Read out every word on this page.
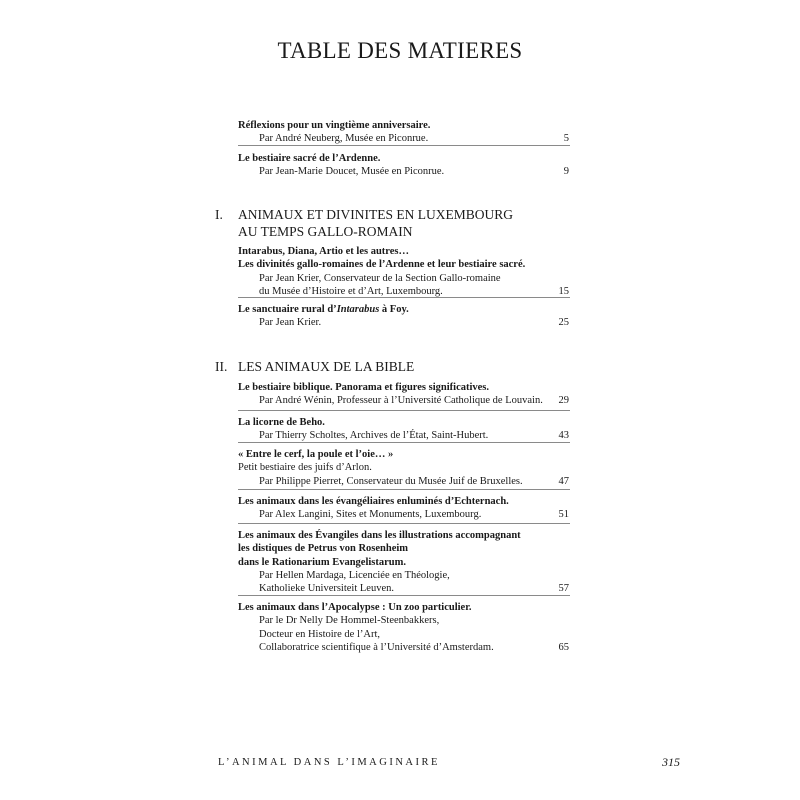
TABLE DES MATIERES
Réflexions pour un vingtième anniversaire.
Par André Neuberg, Musée en Piconrue.	5
Le bestiaire sacré de l’Ardenne.
Par Jean-Marie Doucet, Musée en Piconrue.	9
I. ANIMAUX ET DIVINITES EN LUXEMBOURG
AU TEMPS GALLO-ROMAIN
Intarabus, Diana, Artio et les autres…
Les divinités gallo-romaines de l’Ardenne et leur bestiaire sacré.
Par Jean Krier, Conservateur de la Section Gallo-romaine
du Musée d’Histoire et d’Art, Luxembourg.	15
Le sanctuaire rural d’Intarabus à Foy.
Par Jean Krier.	25
II. LES ANIMAUX DE LA BIBLE
Le bestiaire biblique. Panorama et figures significatives.
Par André Wénin, Professeur à l’Université Catholique de Louvain.	29
La licorne de Beho.
Par Thierry Scholtes, Archives de l’État, Saint-Hubert.	43
« Entre le cerf, la poule et l’oie… »
Petit bestiaire des juifs d’Arlon.
Par Philippe Pierret, Conservateur du Musée Juif de Bruxelles.	47
Les animaux dans les évangéliaires enluminés d’Echternach.
Par Alex Langini, Sites et Monuments, Luxembourg.	51
Les animaux des Évangiles dans les illustrations accompagnant
les distiques de Petrus von Rosenheim
dans le Rationarium Evangelistarum.
Par Hellen Mardaga, Licenciée en Théologie,
Katholieke Universiteit Leuven.	57
Les animaux dans l’Apocalypse : Un zoo particulier.
Par le Dr Nelly De Hommel-Steenbakkers,
Docteur en Histoire de l’Art,
Collaboratrice scientifique à l’Université d’Amsterdam.	65
L’ANIMAL DANS L’IMAGINAIRE	315
